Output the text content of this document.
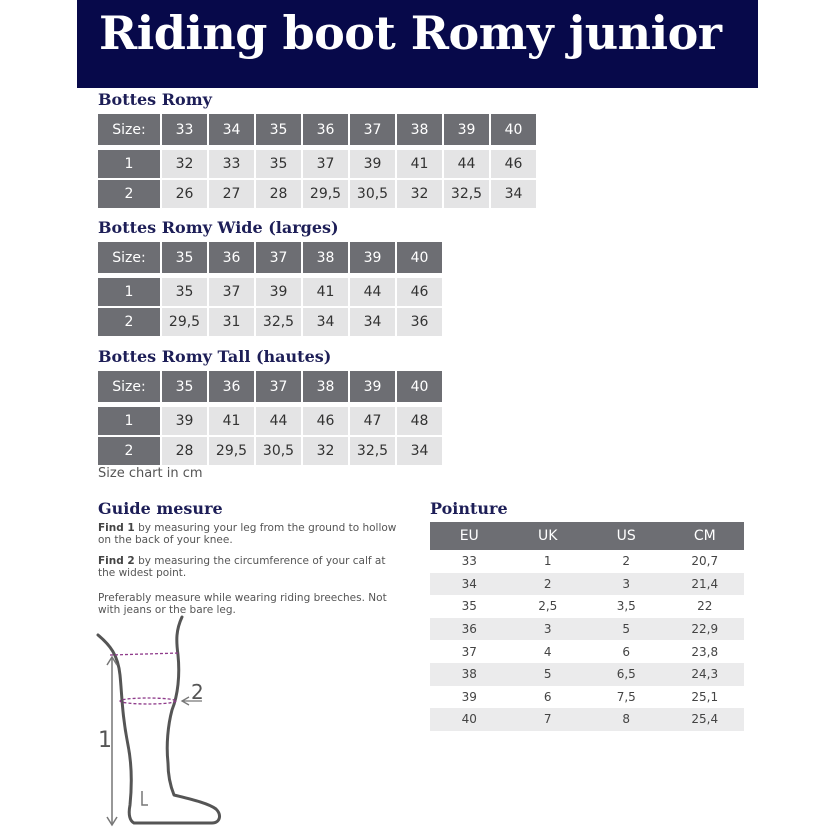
Riding boot Romy junior
Bottes Romy
Size:	33	34	35	36	37	38	39	40

1	32	33	35	37	39	41	44	46
2	26	27	28	29,5	30,5	32	32,5	34
Bottes Romy Wide (larges)
Size:	35	36	37	38	39	40

1	35	37	39	41	44	46
2	29,5	31	32,5	34	34	36
Bottes Romy Tall (hautes)
Size:	35	36	37	38	39	40

1	39	41	44	46	47	48
2	28	29,5	30,5	32	32,5	34
Size chart in cm
Guide mesure
Find 1 by measuring your leg from the ground to hollow on the back of your knee.
Find 2 by measuring the circumference of your calf at the widest point.
Preferably measure while wearing riding breeches. Not with jeans or the bare leg.
1
2
Pointure
EU	UK	US	CM
33	1	2	20,7
34	2	3	21,4
35	2,5	3,5	22
36	3	5	22,9
37	4	6	23,8
38	5	6,5	24,3
39	6	7,5	25,1
40	7	8	25,4
